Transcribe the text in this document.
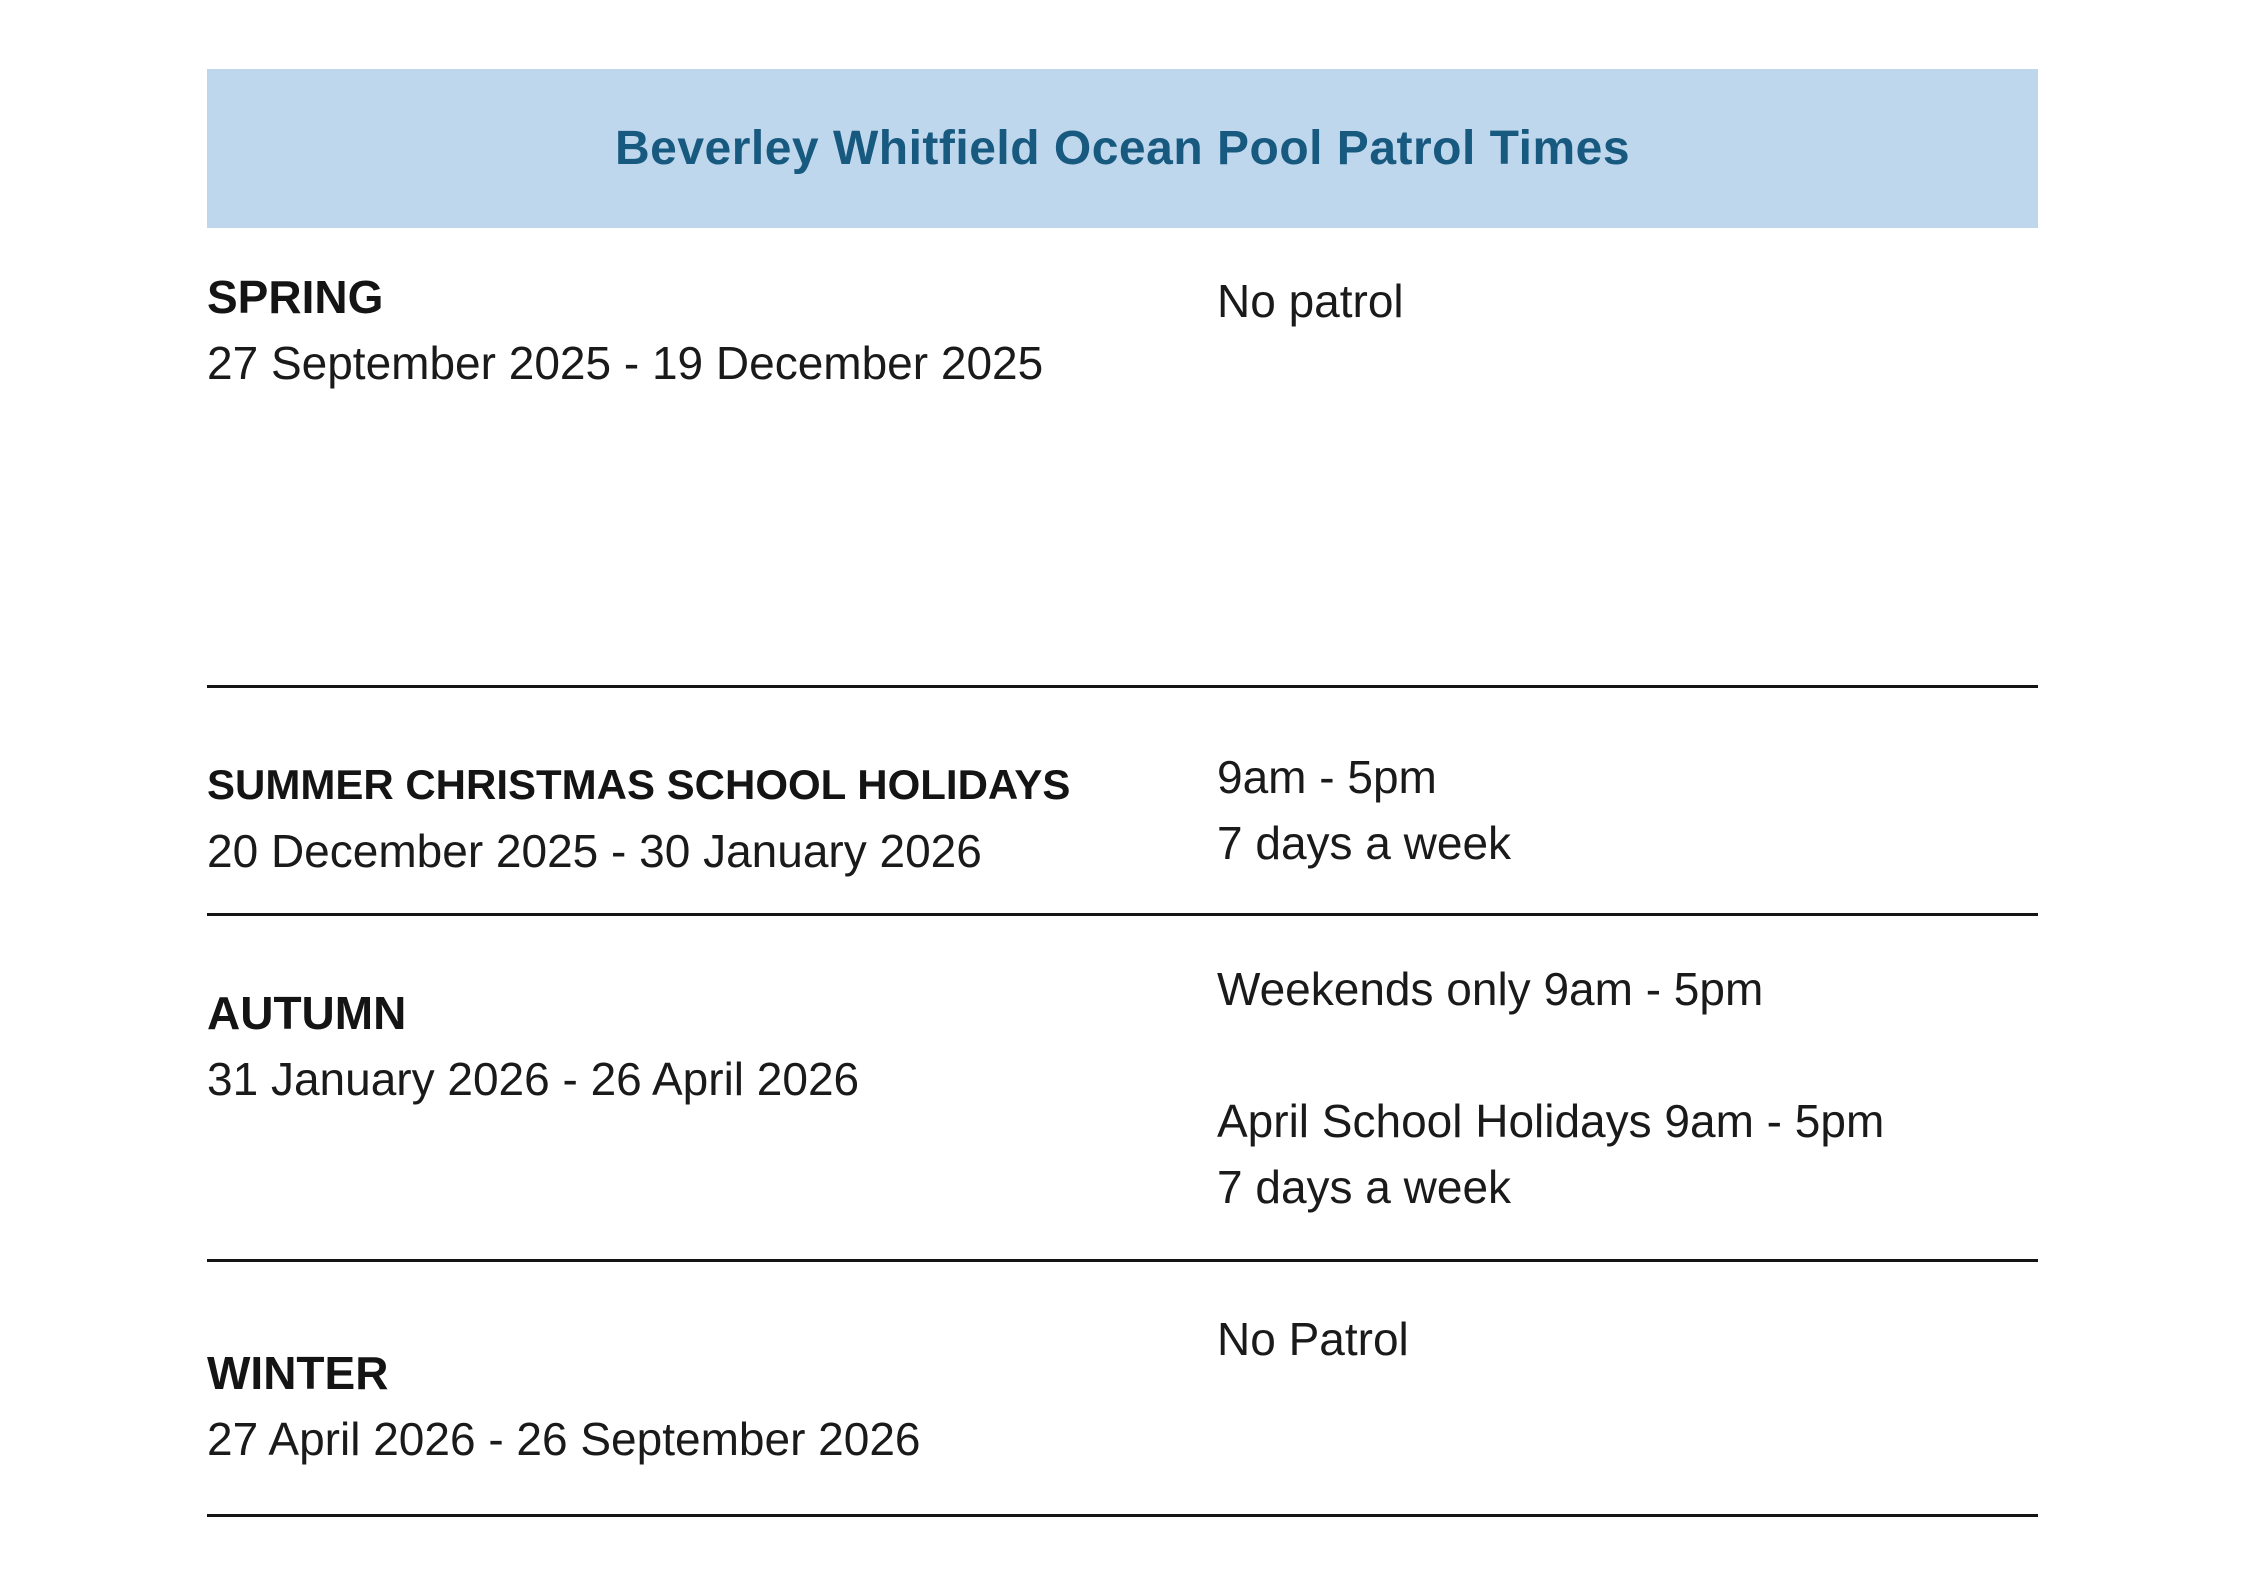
Beverley Whitfield Ocean Pool Patrol Times
SPRING
27 September 2025 - 19 December 2025
No patrol
SUMMER CHRISTMAS SCHOOL HOLIDAYS
20 December 2025 - 30 January 2026
9am - 5pm
7 days a week
AUTUMN
31 January 2026 - 26 April 2026
Weekends only 9am - 5pm
April School Holidays 9am - 5pm
7 days a week
WINTER
27 April 2026 - 26 September 2026
No Patrol
